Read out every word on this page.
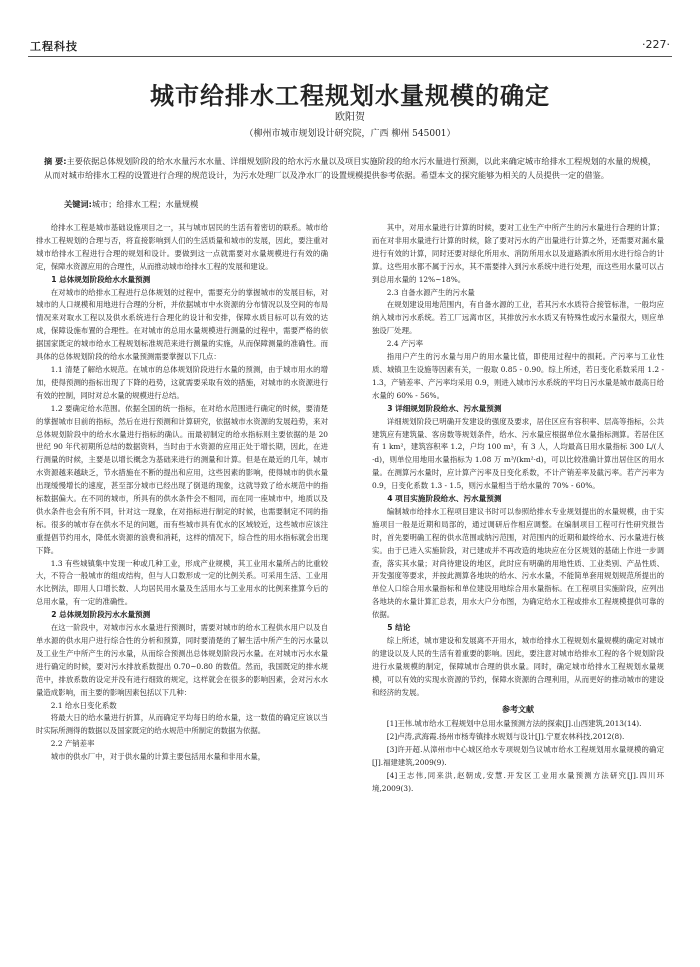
工程科技	·227·
城市给排水工程规划水量规模的确定
欧阳贺
（柳州市城市规划设计研究院，广西 柳州 545001）
摘 要:主要依据总体规划阶段的给水水量污水水量、详细规划阶段的给水污水量以及项目实施阶段的给水污水量进行预测，以此来确定城市给排水工程规划的水量的规模，从而对城市给排水工程的设置进行合理的规范设计，为污水处理厂以及净水厂的设置规模提供参考依据。希望本文的探究能够为相关的人员提供一定的借鉴。
关键词:城市；给排水工程；水量规模

给排水工程是城市基础设施项目之一，其与城市居民的生活有着密切的联系。城市给排水工程规划的合理与否，将直接影响到人们的生活质量和城市的发展，因此，要注重对城市给排水工程进行合理的规划和设计。要做到这一点就需要对水量规模进行有效的确定，保障水资源应用的合理性，从而推动城市给排水工程的发展和建设。

1 总体规划阶段给水水量预测

在对城市的给排水工程进行总体规划的过程中，需要充分的掌握城市的发展目标，对城市的人口规模和用地进行合理的分析，并依据城市中水资源的分布情况以及空间的布局情况来对取水工程以及供水系统进行合理化的设计和安排，保障水质目标可以有效的达成，保障设施布置的合理性。在对城市的总用水量规模进行测量的过程中，需要严格的依据国家既定的城市给水工程规划标准规范来进行测量的实施，从而保障测量的准确性。而具体的总体规划阶段的给水水量预测需要掌握以下几点：

1.1 清楚了解给水规范。在城市的总体规划阶段进行水量的预测，由于城市用水的增加，使得预测的指标出现了下降的趋势，这就需要采取有效的措施，对城市的水资源进行有效的控制，同时对总水量的规模进行总结。

1.2 要确定给水范围。依据全国的统一指标，在对给水范围进行确定的时候，要清楚的掌握城市目前的指标，然后在进行预测和计算研究，依据城市水资源的发展趋势，来对总体规划阶段中的给水水量进行指标的确认。而最初制定的给水指标则主要依据的是 20 世纪 90 年代初期所总结的数据资料，当时由于水资源的应用正处于增长期，因此，在进行测量的时候，主要是以增长概念为基础来进行的测量和计算。但是在最近的几年，城市水资源越来越缺乏，节水措施在不断的提出和应用，这些因素的影响，使得城市的供水量出现缓慢增长的速度，甚至部分城市已经出现了倒退的现象，这就导致了给水规范中的指标数据偏大。在不同的城市，所具有的供水条件会不相同，而在同一座城市中，地质以及供水条件也会有所不同，针对这一现象，在对指标进行制定的时候，也需要制定不同的指标。很多的城市存在供水不足的问题，而有些城市具有优水的区域较近，这些城市应该注重提倡节约用水，降低水资源的浪费和消耗，这样的情况下，综合性的用水指标就会出现下降。

1.3 有些城镇集中发现一种或几种工业，形成产业规模，其工业用水量所占的比重较大，不符合一般城市的组成结构，但与人口数形成一定的比例关系。可采用生活、工业用水比例法，即用人口增长数、人均居民用水量及生活用水与工业用水的比例来推算今后的总用水量，有一定的准确性。

2 总体规划阶段污水水量预测

在这一阶段中，对城市污水水量进行预测时，需要对城市的给水工程供水用户以及自单水源的供水用户进行综合性的分析和预算，同时要清楚的了解生活中所产生的污水量以及工业生产中所产生的污水量，从而综合预测出总体规划阶段污水量。在对城市污水水量进行确定的时候，要对污水排放系数提出 0.70~0.80 的数值。然而，我国既定的排水规范中，排放系数的设定并没有进行细致的规定，这样就会在很多的影响因素，会对污水水量造成影响，而主要的影响因素包括以下几种：

2.1 给水日变化系数

将最大日的给水量进行折算，从而确定平均每日的给水量，这一数值的确定应该以当时实际所测得的数据以及国家既定的给水规范中所制定的数据为依据。

2.2 产销差率

城市的供水厂中，对于供水量的计算主要包括用水量和非用水量，

其中，对用水量进行计算的时候，要对工业生产中所产生的污水量进行合理的计算；而在对非用水量进行计算的时候，除了要对污水的产出量进行计算之外，还需要对漏水量进行有效的计算，同时还要对绿化所用水、消防所用水以及道路洒水所用水进行综合的计算。这些用水都不属于污水，其不需要排入到污水系统中进行处理，而这些用水量可以占到总用水量的 12%~18%。

2.3 自备水源产生的污水量

在规划建设用地范围内，有自备水源的工业，若其污水水质符合接管标准，一般均应纳入城市污水系统。若工厂远离市区，其排放污水水质又有特殊性或污水量很大，则应单独设厂处理。

2.4 产污率

指用户产生的污水量与用户的用水量比值，即使用过程中的损耗。产污率与工业性质、城镇卫生设施等因素有关，一般取 0.85 - 0.90。综上所述，若日变化系数采用 1.2 - 1.3，产销差率、产污率均采用 0.9，则进入城市污水系统的平均日污水量是城市最高日给水量的 60% - 56%。

3 详细规划阶段给水、污水量预测

详细规划阶段已明确开发建设的强度及要求，居住区应有容积率、层高等指标，公共建筑应有建筑量、客房数等规划条件，给水、污水量应根据单位水量指标测算。若居住区有 1 km²，建筑容积率 1.2，户均 100 m²，有 3 人，人均最高日用水量指标 300 L/(人·d)，则单位用地用水量指标为 1.08 万 m³/(km²·d)，可以比较准确计算出居住区的用水量。在测算污水量时，应计算产污率及日变化系数，不计产销差率及截污率。若产污率为 0.9，日变化系数 1.3 - 1.5，则污水量相当于给水量的 70% - 60%。

4 项目实施阶段给水、污水量预测

编制城市给排水工程项目建议书时可以参照给排水专业规划提出的水量规模，由于实施项目一般是近期和局部的，通过调研后作相应调整。在编制项目工程可行性研究报告时，首先要明确工程的供水范围或纳污范围，对范围内的近期和最终给水、污水量进行核实。由于已进入实施阶段，对已建成并不再改造的地块应在分区规划的基础上作进一步调查，落实其水量；对尚待建设的地区，此时应有明确的用地性质、工业类别、产品性质、开发强度等要求，并按此测算各地块的给水、污水水量，不能简单套用规划规范所提出的单位人口综合用水量指标和单位建设用地综合用水量指标。在工程项目实施阶段，应列出各地块的水量计算汇总表，用水大户分布图，为确定给水工程或排水工程规模提供可靠的依据。

5 结论

综上所述，城市建设和发展离不开用水，城市给排水工程规划水量规模的确定对城市的建设以及人民的生活有着重要的影响。因此，要注意对城市给排水工程的各个规划阶段进行水量规模的制定，保障城市合理的供水量。同时，确定城市给排水工程规划水量规模，可以有效的实现水资源的节约，保障水资源的合理利用，从而更好的推动城市的建设和经济的发展。

参考文献

[1]王伟.城市给水工程规划中总用水量预测方法的探索[J].山西建筑,2013(14).

[2]卢涛,武海霞.扬州市杨寿镇排水规划与设计[J].宁夏农林科技,2012(8).

[3]许开超.从漳州市中心城区给水专项规划刍议城市给水工程规划用水量规模的确定[J].福建建筑,2009(9).

[4]王志伟,同来洪,赵朝成,安慧.开发区工业用水量预测方法研究[J].四川环境,2009(3).
